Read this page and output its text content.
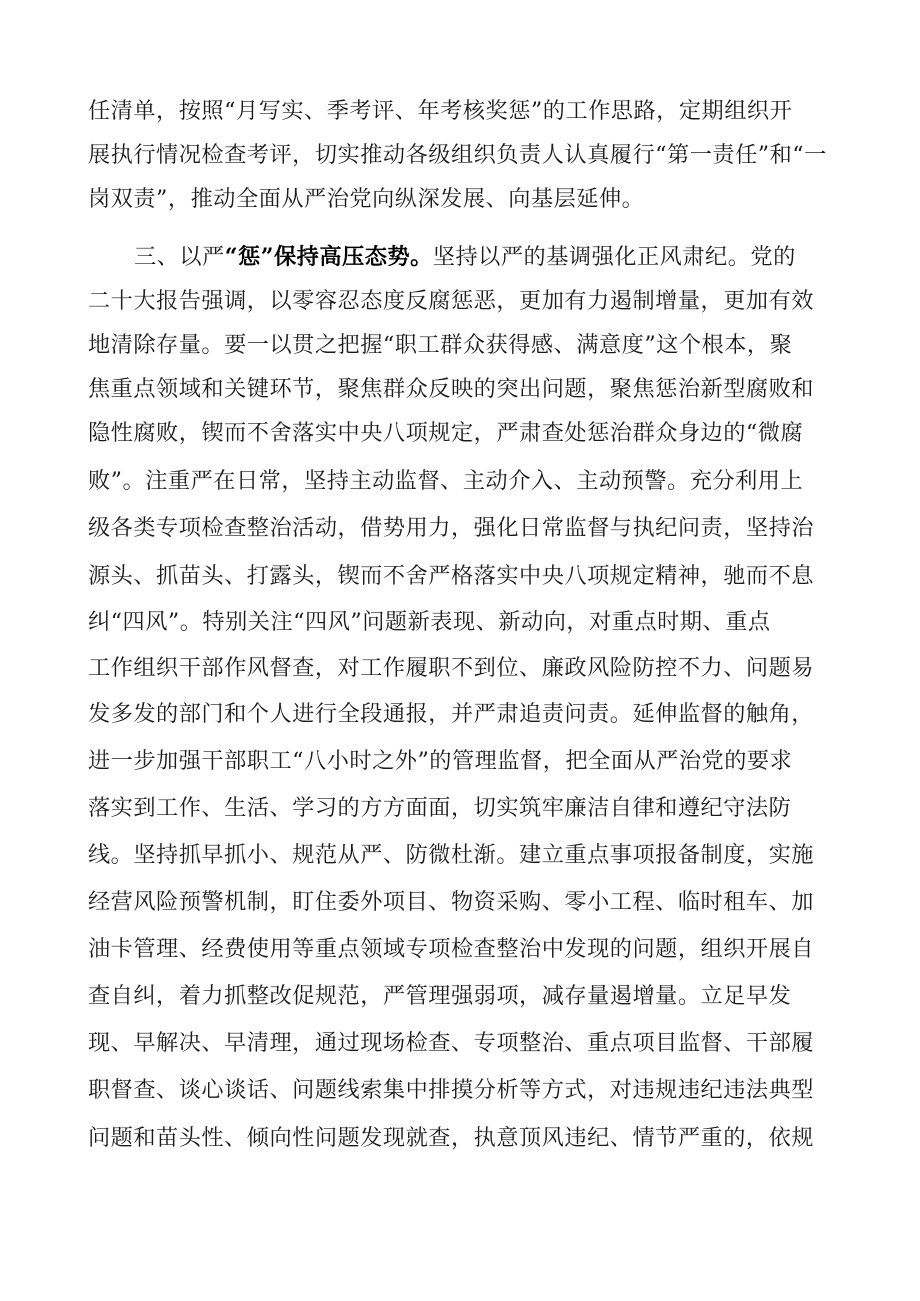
任清单，按照“月写实、季考评、年考核奖惩”的工作思路，定期组织开
展执行情况检查考评，切实推动各级组织负责人认真履行“第一责任”和“一
岗双责”，推动全面从严治党向纵深发展、向基层延伸。
三、以严“惩”保持高压态势。坚持以严的基调强化正风肃纪。党的
二十大报告强调，以零容忍态度反腐惩恶，更加有力遏制增量，更加有效
地清除存量。要一以贯之把握“职工群众获得感、满意度”这个根本，聚
焦重点领域和关键环节，聚焦群众反映的突出问题，聚焦惩治新型腐败和
隐性腐败，锲而不舍落实中央八项规定，严肃查处惩治群众身边的“微腐
败”。注重严在日常，坚持主动监督、主动介入、主动预警。充分利用上
级各类专项检查整治活动，借势用力，强化日常监督与执纪问责，坚持治
源头、抓苗头、打露头，锲而不舍严格落实中央八项规定精神，驰而不息
纠“四风”。特别关注“四风”问题新表现、新动向，对重点时期、重点
工作组织干部作风督查，对工作履职不到位、廉政风险防控不力、问题易
发多发的部门和个人进行全段通报，并严肃追责问责。延伸监督的触角，
进一步加强干部职工“八小时之外”的管理监督，把全面从严治党的要求
落实到工作、生活、学习的方方面面，切实筑牢廉洁自律和遵纪守法防
线。坚持抓早抓小、规范从严、防微杜渐。建立重点事项报备制度，实施
经营风险预警机制，盯住委外项目、物资采购、零小工程、临时租车、加
油卡管理、经费使用等重点领域专项检查整治中发现的问题，组织开展自
查自纠，着力抓整改促规范，严管理强弱项，减存量遏增量。立足早发
现、早解决、早清理，通过现场检查、专项整治、重点项目监督、干部履
职督查、谈心谈话、问题线索集中排摸分析等方式，对违规违纪违法典型
问题和苗头性、倾向性问题发现就查，执意顶风违纪、情节严重的，依规
